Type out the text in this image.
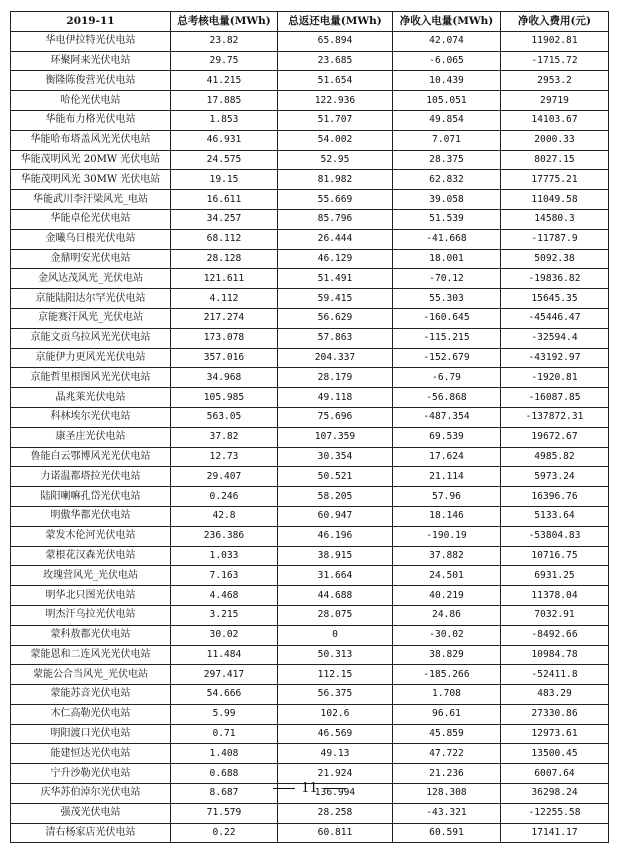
2019-11	总考核电量(MWh)	总返还电量(MWh)	净收入电量(MWh)	净收入费用(元)
华电伊拉特光伏电站	23.82	65.894	42.074	11902.81
环聚阿来光伏电站	29.75	23.685	-6.065	-1715.72
衡隆陈俊营光伏电站	41.215	51.654	10.439	2953.2
哈伦光伏电站	17.885	122.936	105.051	29719
华能布力格光伏电站	1.853	51.707	49.854	14103.67
华能哈布塔盖风光光伏电站	46.931	54.002	7.071	2000.33
华能茂明风光 20MW 光伏电站	24.575	52.95	28.375	8027.15
华能茂明风光 30MW 光伏电站	19.15	81.982	62.832	17775.21
华能武川李汗梁风光_电站	16.611	55.669	39.058	11049.58
华能卓伦光伏电站	34.257	85.796	51.539	14580.3
金曦乌日根光伏电站	68.112	26.444	-41.668	-11787.9
金鼎明安光伏电站	28.128	46.129	18.001	5092.38
金风达茂风光_光伏电站	121.611	51.491	-70.12	-19836.82
京能陆阳达尔罕光伏电站	4.112	59.415	55.303	15645.35
京能赛汗风光_光伏电站	217.274	56.629	-160.645	-45446.47
京能文贡乌拉风光光伏电站	173.078	57.863	-115.215	-32594.4
京能伊力更风光光伏电站	357.016	204.337	-152.679	-43192.97
京能哲里根图风光光伏电站	34.968	28.179	-6.79	-1920.81
晶兆莱光伏电站	105.985	49.118	-56.868	-16087.85
科林埃尔光伏电站	563.05	75.696	-487.354	-137872.31
康圣庄光伏电站	37.82	107.359	69.539	19672.67
鲁能白云鄂博风光光伏电站	12.73	30.354	17.624	4985.82
力诺温都塔拉光伏电站	29.407	50.521	21.114	5973.24
陆阳喇嘛孔岱光伏电站	0.246	58.205	57.96	16396.76
明傲华都光伏电站	42.8	60.947	18.146	5133.64
蒙发木伦河光伏电站	236.386	46.196	-190.19	-53804.83
蒙根花汉森光伏电站	1.033	38.915	37.882	10716.75
玫瑰营风光_光伏电站	7.163	31.664	24.501	6931.25
明华北只图光伏电站	4.468	44.688	40.219	11378.04
明杰汗乌拉光伏电站	3.215	28.075	24.86	7032.91
蒙科敖都光伏电站	30.02	0	-30.02	-8492.66
蒙能恩和二连风光光伏电站	11.484	50.313	38.829	10984.78
蒙能公合当风光_光伏电站	297.417	112.15	-185.266	-52411.8
蒙能苏音光伏电站	54.666	56.375	1.708	483.29
木仁高勒光伏电站	5.99	102.6	96.61	27330.86
明阳渡口光伏电站	0.71	46.569	45.859	12973.61
能建恒达光伏电站	1.408	49.13	47.722	13500.45
宁升沙勒光伏电站	0.688	21.924	21.236	6007.64
庆华苏伯淖尔光伏电站	8.687	136.994	128.308	36298.24
强茂光伏电站	71.579	28.258	-43.321	-12255.58
清右杨家店光伏电站	0.22	60.811	60.591	17141.17
11
